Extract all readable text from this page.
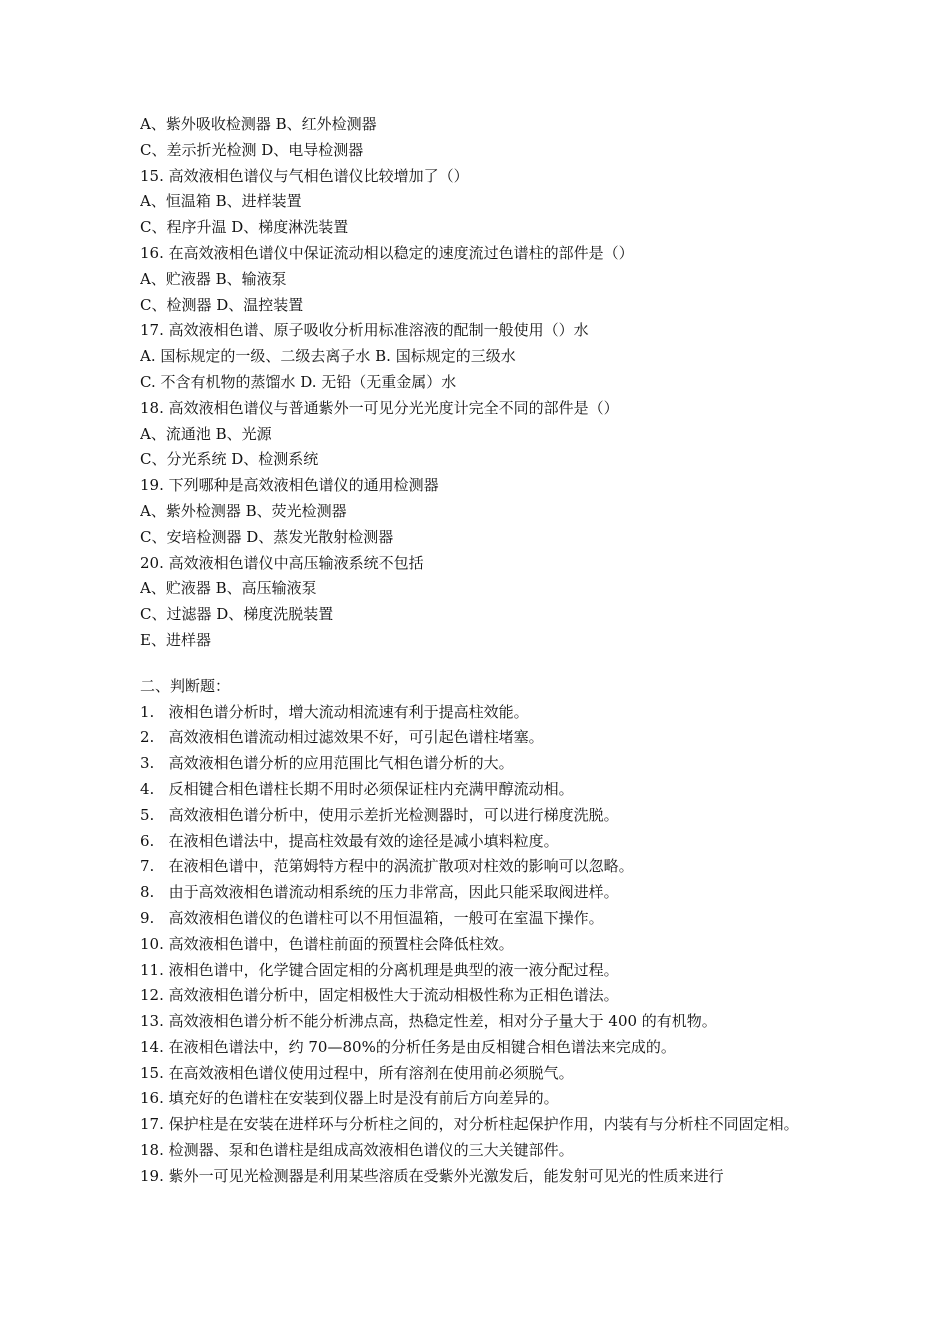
A、紫外吸收检测器 B、红外检测器
C、差示折光检测 D、电导检测器
15. 高效液相色谱仪与气相色谱仪比较增加了（）
A、恒温箱 B、进样装置
C、程序升温 D、梯度淋洗装置
16. 在高效液相色谱仪中保证流动相以稳定的速度流过色谱柱的部件是（）
A、贮液器 B、输液泵
C、检测器 D、温控装置
17. 高效液相色谱、原子吸收分析用标准溶液的配制一般使用（）水
A. 国标规定的一级、二级去离子水 B. 国标规定的三级水
C. 不含有机物的蒸馏水 D. 无铅（无重金属）水
18. 高效液相色谱仪与普通紫外一可见分光光度计完全不同的部件是（）
A、流通池 B、光源
C、分光系统 D、检测系统
19. 下列哪种是高效液相色谱仪的通用检测器
A、紫外检测器 B、荧光检测器
C、安培检测器 D、蒸发光散射检测器
20. 高效液相色谱仪中高压输液系统不包括
A、贮液器 B、高压输液泵
C、过滤器 D、梯度洗脱装置
E、进样器
二、判断题：
1.   液相色谱分析时，增大流动相流速有利于提高柱效能。
2.   高效液相色谱流动相过滤效果不好，可引起色谱柱堵塞。
3.   高效液相色谱分析的应用范围比气相色谱分析的大。
4.   反相键合相色谱柱长期不用时必须保证柱内充满甲醇流动相。
5.   高效液相色谱分析中，使用示差折光检测器时，可以进行梯度洗脱。
6.   在液相色谱法中，提高柱效最有效的途径是减小填料粒度。
7.   在液相色谱中，范第姆特方程中的涡流扩散项对柱效的影响可以忽略。
8.   由于高效液相色谱流动相系统的压力非常高，因此只能采取阀进样。
9.   高效液相色谱仪的色谱柱可以不用恒温箱，一般可在室温下操作。
10. 高效液相色谱中，色谱柱前面的预置柱会降低柱效。
11. 液相色谱中，化学键合固定相的分离机理是典型的液一液分配过程。
12. 高效液相色谱分析中，固定相极性大于流动相极性称为正相色谱法。
13. 高效液相色谱分析不能分析沸点高，热稳定性差，相对分子量大于 400 的有机物。
14. 在液相色谱法中，约 70—80%的分析任务是由反相键合相色谱法来完成的。
15. 在高效液相色谱仪使用过程中，所有溶剂在使用前必须脱气。
16. 填充好的色谱柱在安装到仪器上时是没有前后方向差异的。
17. 保护柱是在安装在进样环与分析柱之间的，对分析柱起保护作用，内装有与分析柱不同固定相。
18. 检测器、泵和色谱柱是组成高效液相色谱仪的三大关键部件。
19. 紫外一可见光检测器是利用某些溶质在受紫外光激发后，能发射可见光的性质来进行
